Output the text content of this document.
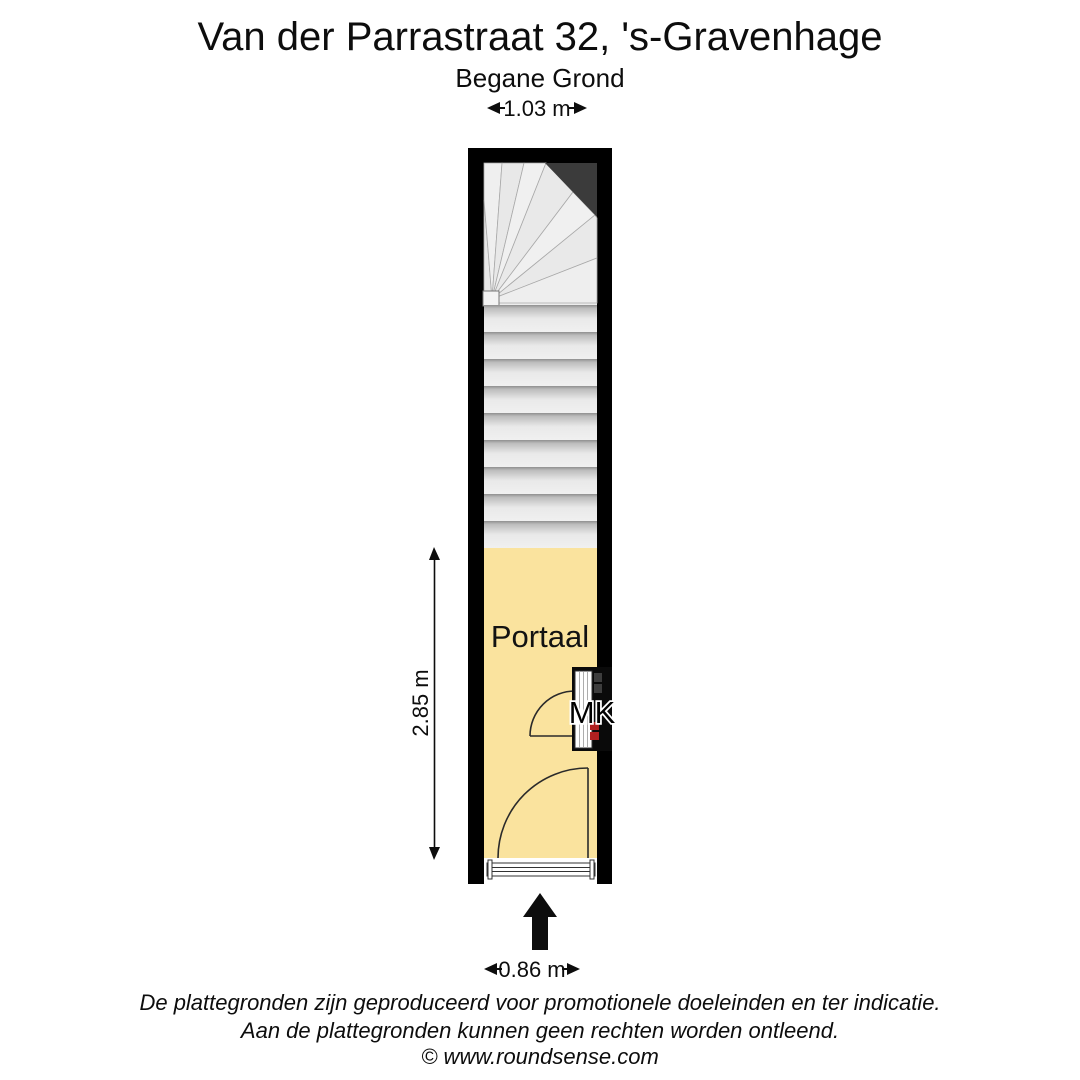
Van der Parrastraat 32, 's-Gravenhage
Begane Grond
Portaal
MK
1.03 m
2.85 m
0.86 m
De plattegronden zijn geproduceerd voor promotionele doeleinden en ter indicatie.
Aan de plattegronden kunnen geen rechten worden ontleend.
© www.roundsense.com
